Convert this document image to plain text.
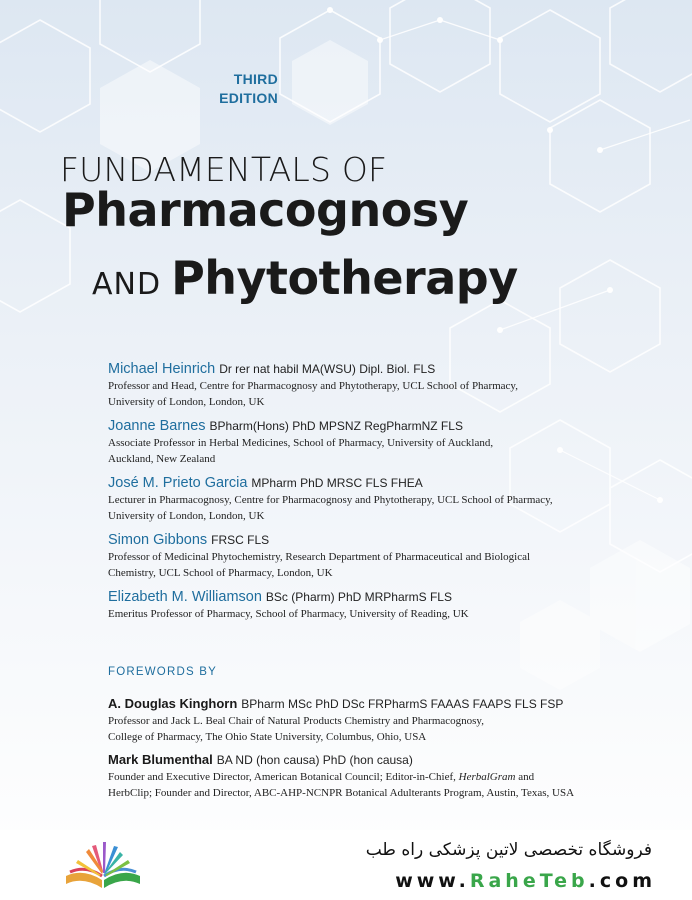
THIRD
EDITION
FUNDAMENTALS OF
Pharmacognosy
AND Phytotherapy
Michael Heinrich Dr rer nat habil MA(WSU) Dipl. Biol. FLS
Professor and Head, Centre for Pharmacognosy and Phytotherapy, UCL School of Pharmacy,
University of London, London, UK
Joanne Barnes BPharm(Hons) PhD MPSNZ RegPharmNZ FLS
Associate Professor in Herbal Medicines, School of Pharmacy, University of Auckland,
Auckland, New Zealand
José M. Prieto Garcia MPharm PhD MRSC FLS FHEA
Lecturer in Pharmacognosy, Centre for Pharmacognosy and Phytotherapy, UCL School of Pharmacy,
University of London, London, UK
Simon Gibbons FRSC FLS
Professor of Medicinal Phytochemistry, Research Department of Pharmaceutical and Biological
Chemistry, UCL School of Pharmacy, London, UK
Elizabeth M. Williamson BSc (Pharm) PhD MRPharmS FLS
Emeritus Professor of Pharmacy, School of Pharmacy, University of Reading, UK
FOREWORDS BY
A. Douglas Kinghorn BPharm MSc PhD DSc FRPharmS FAAAS FAAPS FLS FSP
Professor and Jack L. Beal Chair of Natural Products Chemistry and Pharmacognosy,
College of Pharmacy, The Ohio State University, Columbus, Ohio, USA
Mark Blumenthal BA ND (hon causa) PhD (hon causa)
Founder and Executive Director, American Botanical Council; Editor-in-Chief, HerbalGram and
HerbClip; Founder and Director, ABC-AHP-NCNPR Botanical Adulterants Program, Austin, Texas, USA
فروشگاه تخصصی لاتین پزشکی راه طب
www.RaheTeb.com
